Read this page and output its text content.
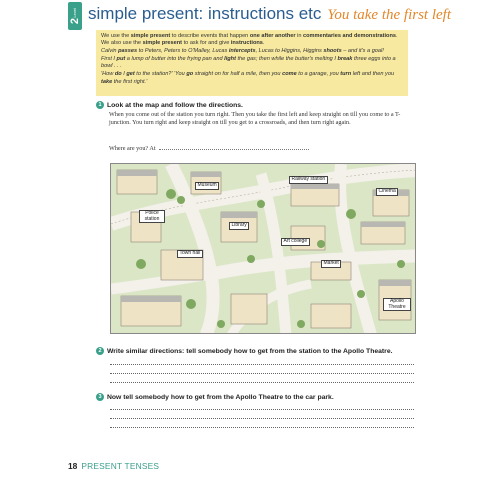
Level
2 simple present: instructions etc You take the first left

We use the simple present to describe events that happen one after another in commentaries and demonstrations. We also use the simple present to ask for and give instructions.

Calvin passes to Peters, Peters to O'Malley, Lucas intercepts, Lucas to Higgins, Higgins shoots – and it's a goal!

First I put a lump of butter into the frying pan and light the gas; then while the butter's melting I break three eggs into a bowl . . .

'How do I get to the station?' 'You go straight on for half a mile, then you come to a garage, you turn left and then you take the first right.'

1 Look at the map and follow the directions.
When you come out of the station you turn right. Then you take the first left and keep straight on till you come to a T-junction. You turn right and keep straight on till you get to a crossroads, and then turn right again.
Where are you? At
Museum
Railway station
Cinema
Police station
Library
Art college
Town hall
Market
Apollo Theatre
2 Write similar directions: tell somebody how to get from the station to the Apollo Theatre.
3 Now tell somebody how to get from the Apollo Theatre to the car park.
18 PRESENT TENSES
